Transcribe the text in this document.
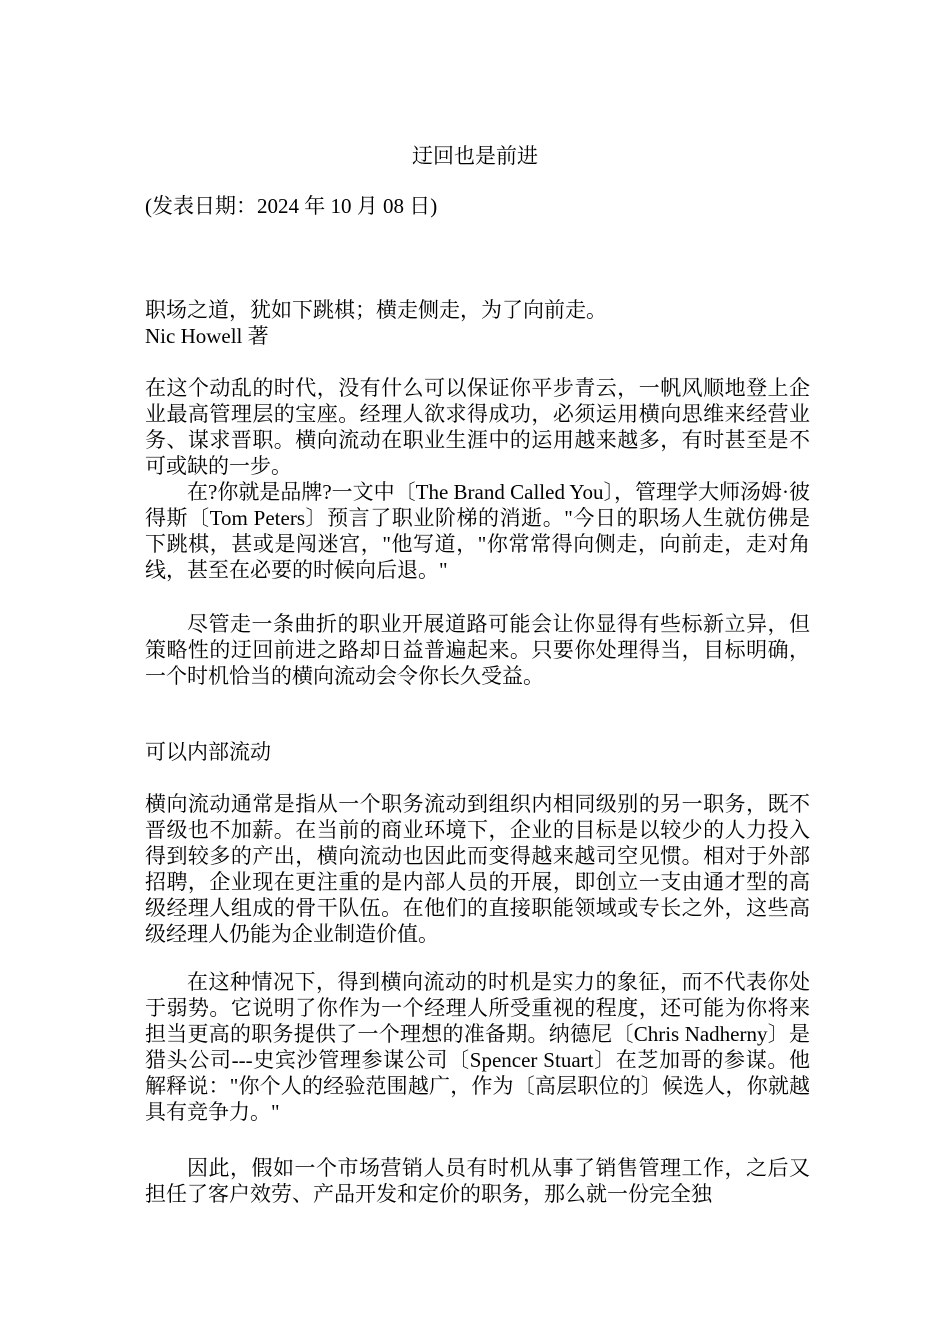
迂回也是前进

(发表日期：2024 年 10 月 08 日)

职场之道，犹如下跳棋；横走侧走，为了向前走。

Nic Howell 著

在这个动乱的时代，没有什么可以保证你平步青云，一帆风顺地登上企业最高管理层的宝座。经理人欲求得成功，必须运用横向思维来经营业务、谋求晋职。横向流动在职业生涯中的运用越来越多，有时甚至是不可或缺的一步。

在?你就是品牌?一文中〔The Brand Called You〕，管理学大师汤姆·彼得斯〔Tom Peters〕预言了职业阶梯的消逝。"今日的职场人生就仿佛是下跳棋，甚或是闯迷宫，"他写道，"你常常得向侧走，向前走，走对角线，甚至在必要的时候向后退。"

尽管走一条曲折的职业开展道路可能会让你显得有些标新立异，但策略性的迂回前进之路却日益普遍起来。只要你处理得当，目标明确，一个时机恰当的横向流动会令你长久受益。

可以内部流动

横向流动通常是指从一个职务流动到组织内相同级别的另一职务，既不晋级也不加薪。在当前的商业环境下，企业的目标是以较少的人力投入得到较多的产出，横向流动也因此而变得越来越司空见惯。相对于外部招聘，企业现在更注重的是内部人员的开展，即创立一支由通才型的高级经理人组成的骨干队伍。在他们的直接职能领域或专长之外，这些高级经理人仍能为企业制造价值。

在这种情况下，得到横向流动的时机是实力的象征，而不代表你处于弱势。它说明了你作为一个经理人所受重视的程度，还可能为你将来担当更高的职务提供了一个理想的准备期。纳德尼〔Chris Nadherny〕是猎头公司---史宾沙管理参谋公司〔Spencer Stuart〕在芝加哥的参谋。他解释说："你个人的经验范围越广，作为〔高层职位的〕候选人，你就越具有竞争力。"

因此，假如一个市场营销人员有时机从事了销售管理工作，之后又担任了客户效劳、产品开发和定价的职务，那么就一份完全独
